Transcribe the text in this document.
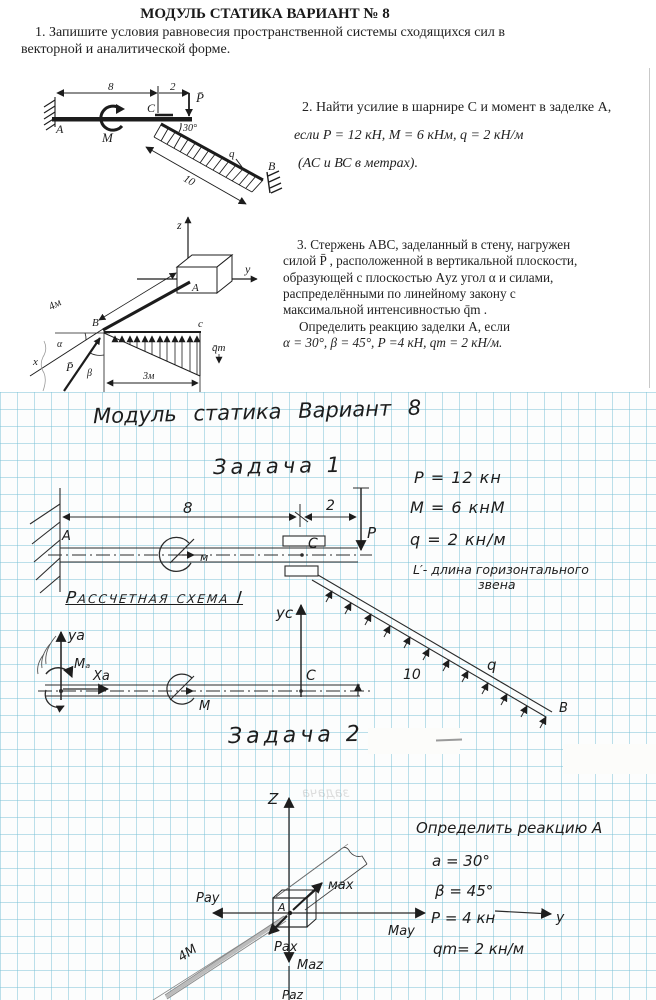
МОДУЛЬ СТАТИКА ВАРИАНТ № 8
1. Запишите условия равновесия пространственной системы сходящихся сил в
векторной и аналитической форме.
2. Найти усилие в шарнире С и момент в заделке А,
если P = 12 кН, M = 6 кНм, q = 2 кН/м
(АС и ВС в метрах).
3. Стержень АВС, заделанный в стену, нагружен
силой P̄ , расположенной в вертикальной плоскости,
образующей с плоскостью Аyz угол α и силами,
распределёнными по линейному закону с
максимальной интенсивностью q̄m .
Определить реакцию заделки А, если
α = 30°, β = 45°, P =4 кН, qm = 2 кН/м.
8	2
P̄
A
C
M
30°
q
10
B
z
y
A
4м
B
α
x P̄ β
c
q̄m
3м
задача
A
8	2
P
м
C
10
q
B
yc
C
ya
Mₐ
Xa
M
Z
Maz
Paz
Pay
May
y
A
мах
Pax
4M
Модуль статика Вариант 8
Задача 1	P = 12 кн
M = 6 кнМ
q = 2 кн/м
L′- длина горизонтального
звена
Рассчетная схема I
Задача 2
Определить реакцию A
a = 30°
β = 45°
P = 4 кн
qm= 2 кн/м
